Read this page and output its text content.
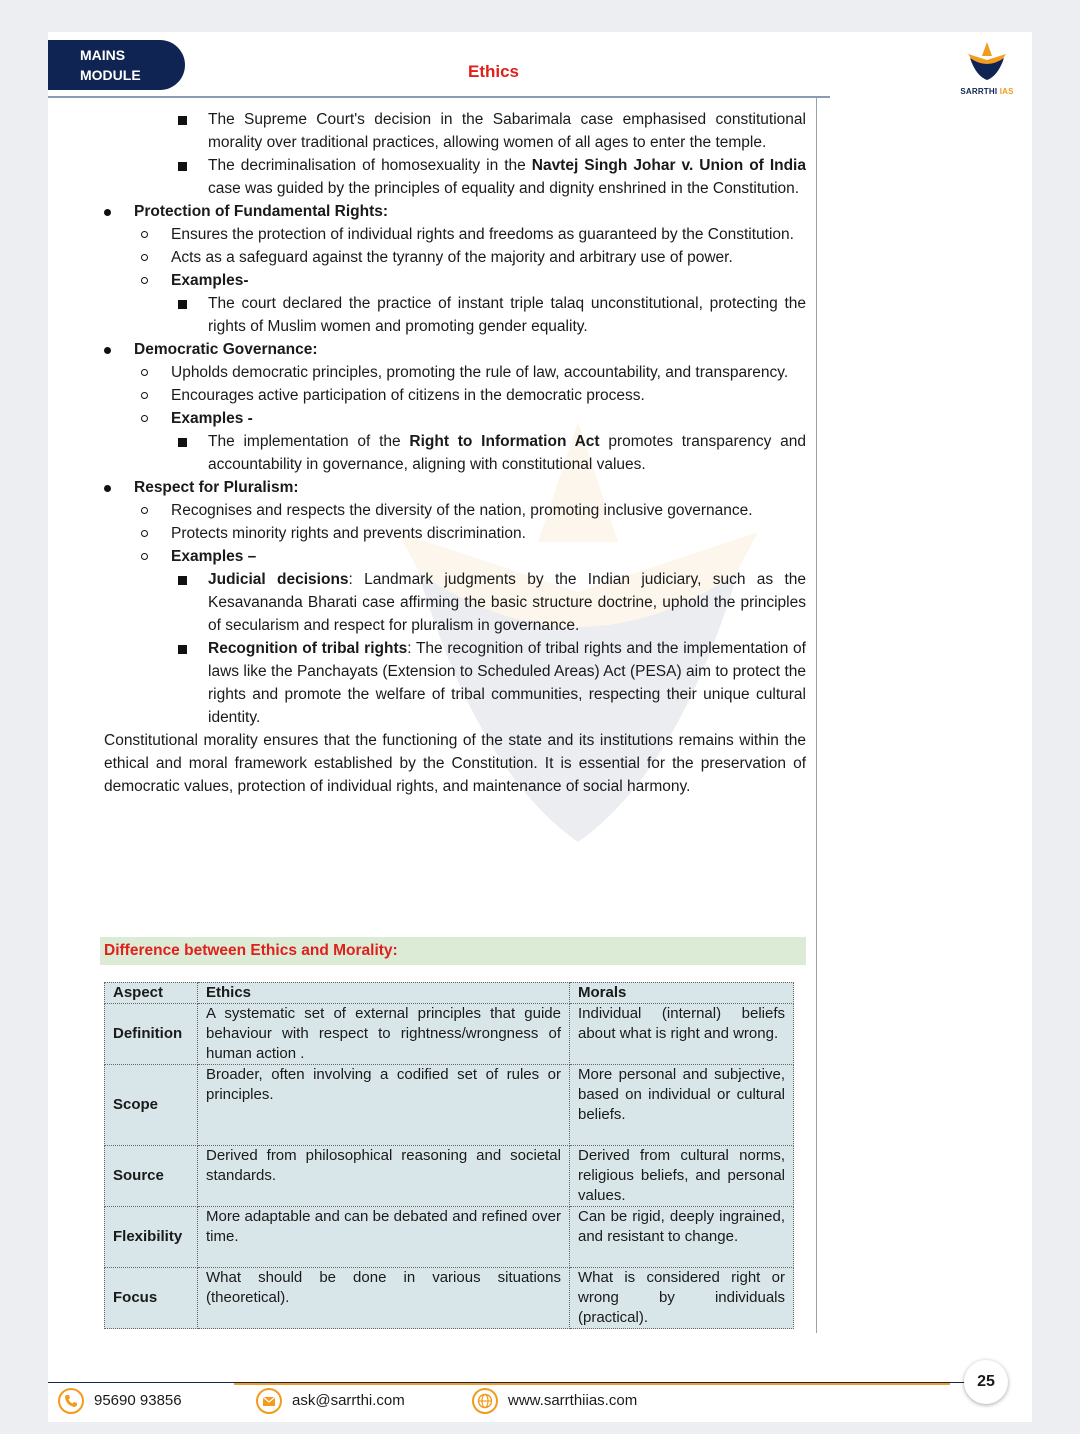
MAINS
MODULE	Ethics
SARRTHI IAS
The Supreme Court's decision in the Sabarimala case emphasised constitutional morality over traditional practices, allowing women of all ages to enter the temple.
The decriminalisation of homosexuality in the Navtej Singh Johar v. Union of India case was guided by the principles of equality and dignity enshrined in the Constitution.
Protection of Fundamental Rights:
Ensures the protection of individual rights and freedoms as guaranteed by the Constitution.
Acts as a safeguard against the tyranny of the majority and arbitrary use of power.
Examples-
The court declared the practice of instant triple talaq unconstitutional, protecting the rights of Muslim women and promoting gender equality.
Democratic Governance:
Upholds democratic principles, promoting the rule of law, accountability, and transparency.
Encourages active participation of citizens in the democratic process.
Examples -
The implementation of the Right to Information Act promotes transparency and accountability in governance, aligning with constitutional values.
Respect for Pluralism:
Recognises and respects the diversity of the nation, promoting inclusive governance.
Protects minority rights and prevents discrimination.
Examples –
Judicial decisions: Landmark judgments by the Indian judiciary, such as the Kesavananda Bharati case affirming the basic structure doctrine, uphold the principles of secularism and respect for pluralism in governance.
Recognition of tribal rights: The recognition of tribal rights and the implementation of laws like the Panchayats (Extension to Scheduled Areas) Act (PESA) aim to protect the rights and promote the welfare of tribal communities, respecting their unique cultural identity.
Constitutional morality ensures that the functioning of the state and its institutions remains within the ethical and moral framework established by the Constitution. It is essential for the preservation of democratic values, protection of individual rights, and maintenance of social harmony.
Difference between Ethics and Morality:
Aspect	Ethics	Morals
Definition	A systematic set of external principles that guide behaviour with respect to rightness/wrongness of human action .	Individual (internal) beliefs about what is right and wrong.
Scope	Broader, often involving a codified set of rules or principles.	More personal and subjective, based on individual or cultural beliefs.
Source	Derived from philosophical reasoning and societal standards.	Derived from cultural norms, religious beliefs, and personal values.
Flexibility	More adaptable and can be debated and refined over time.	Can be rigid, deeply ingrained, and resistant to change.
Focus	What should be done in various situations (theoretical).	What is considered right or wrong by individuals (practical).
25
95690 93856	ask@sarrthi.com	www.sarrthiias.com
